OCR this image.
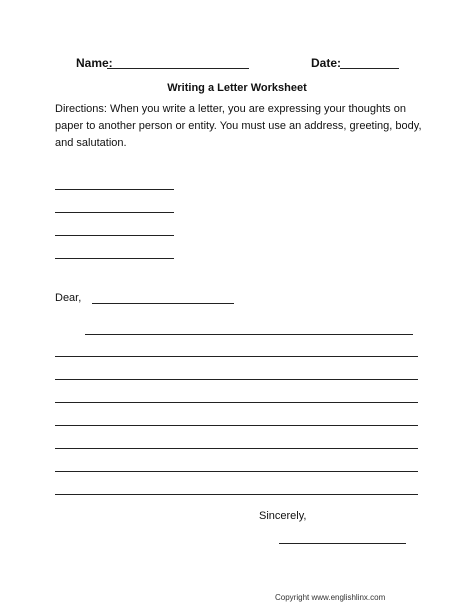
Name:	Date:
Writing a Letter Worksheet
Directions: When you write a letter, you are expressing your thoughts on paper to another person or entity. You must use an address, greeting, body, and salutation.
Dear,
Sincerely,
Copyright www.englishlinx.com
